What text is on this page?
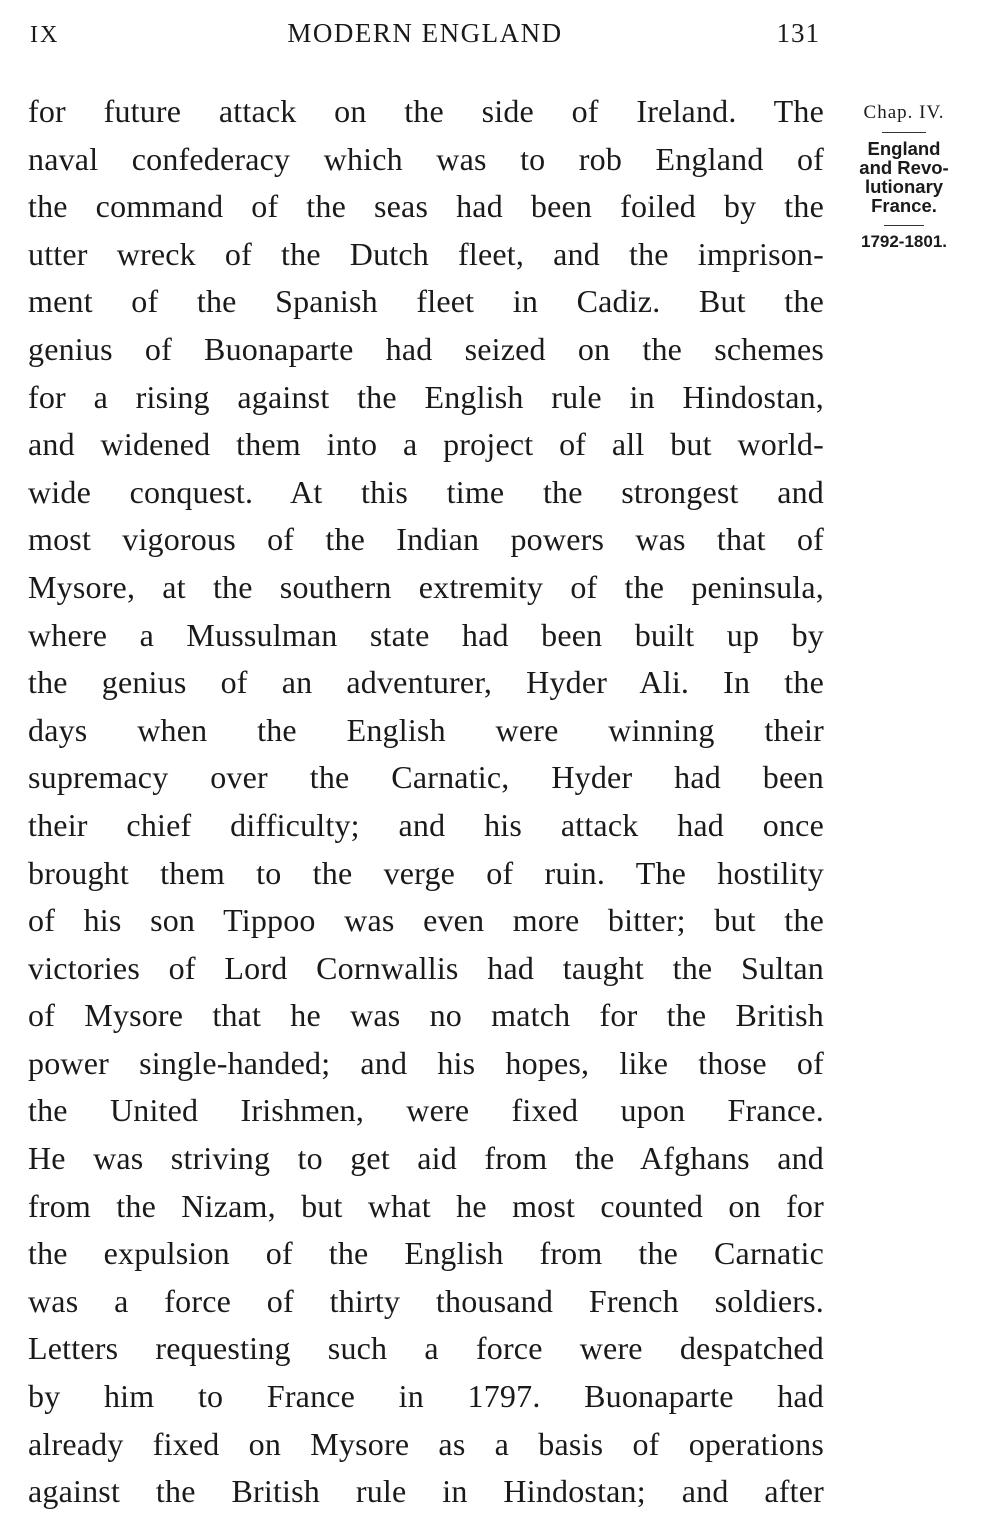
IX	MODERN ENGLAND	131
for future attack on the side of Ireland. The
naval confederacy which was to rob England of
the command of the seas had been foiled by the
utter wreck of the Dutch fleet, and the imprison-
ment of the Spanish fleet in Cadiz. But the
genius of Buonaparte had seized on the schemes
for a rising against the English rule in Hindostan,
and widened them into a project of all but world-
wide conquest. At this time the strongest and
most vigorous of the Indian powers was that of
Mysore, at the southern extremity of the peninsula,
where a Mussulman state had been built up by
the genius of an adventurer, Hyder Ali. In the
days when the English were winning their
supremacy over the Carnatic, Hyder had been
their chief difficulty; and his attack had once
brought them to the verge of ruin. The hostility
of his son Tippoo was even more bitter; but the
victories of Lord Cornwallis had taught the Sultan
of Mysore that he was no match for the British
power single-handed; and his hopes, like those of
the United Irishmen, were fixed upon France.
He was striving to get aid from the Afghans and
from the Nizam, but what he most counted on for
the expulsion of the English from the Carnatic
was a force of thirty thousand French soldiers.
Letters requesting such a force were despatched
by him to France in 1797. Buonaparte had
already fixed on Mysore as a basis of operations
against the British rule in Hindostan; and after
Chap. IV.
England
and Revo-
lutionary
France.
1792-1801.
